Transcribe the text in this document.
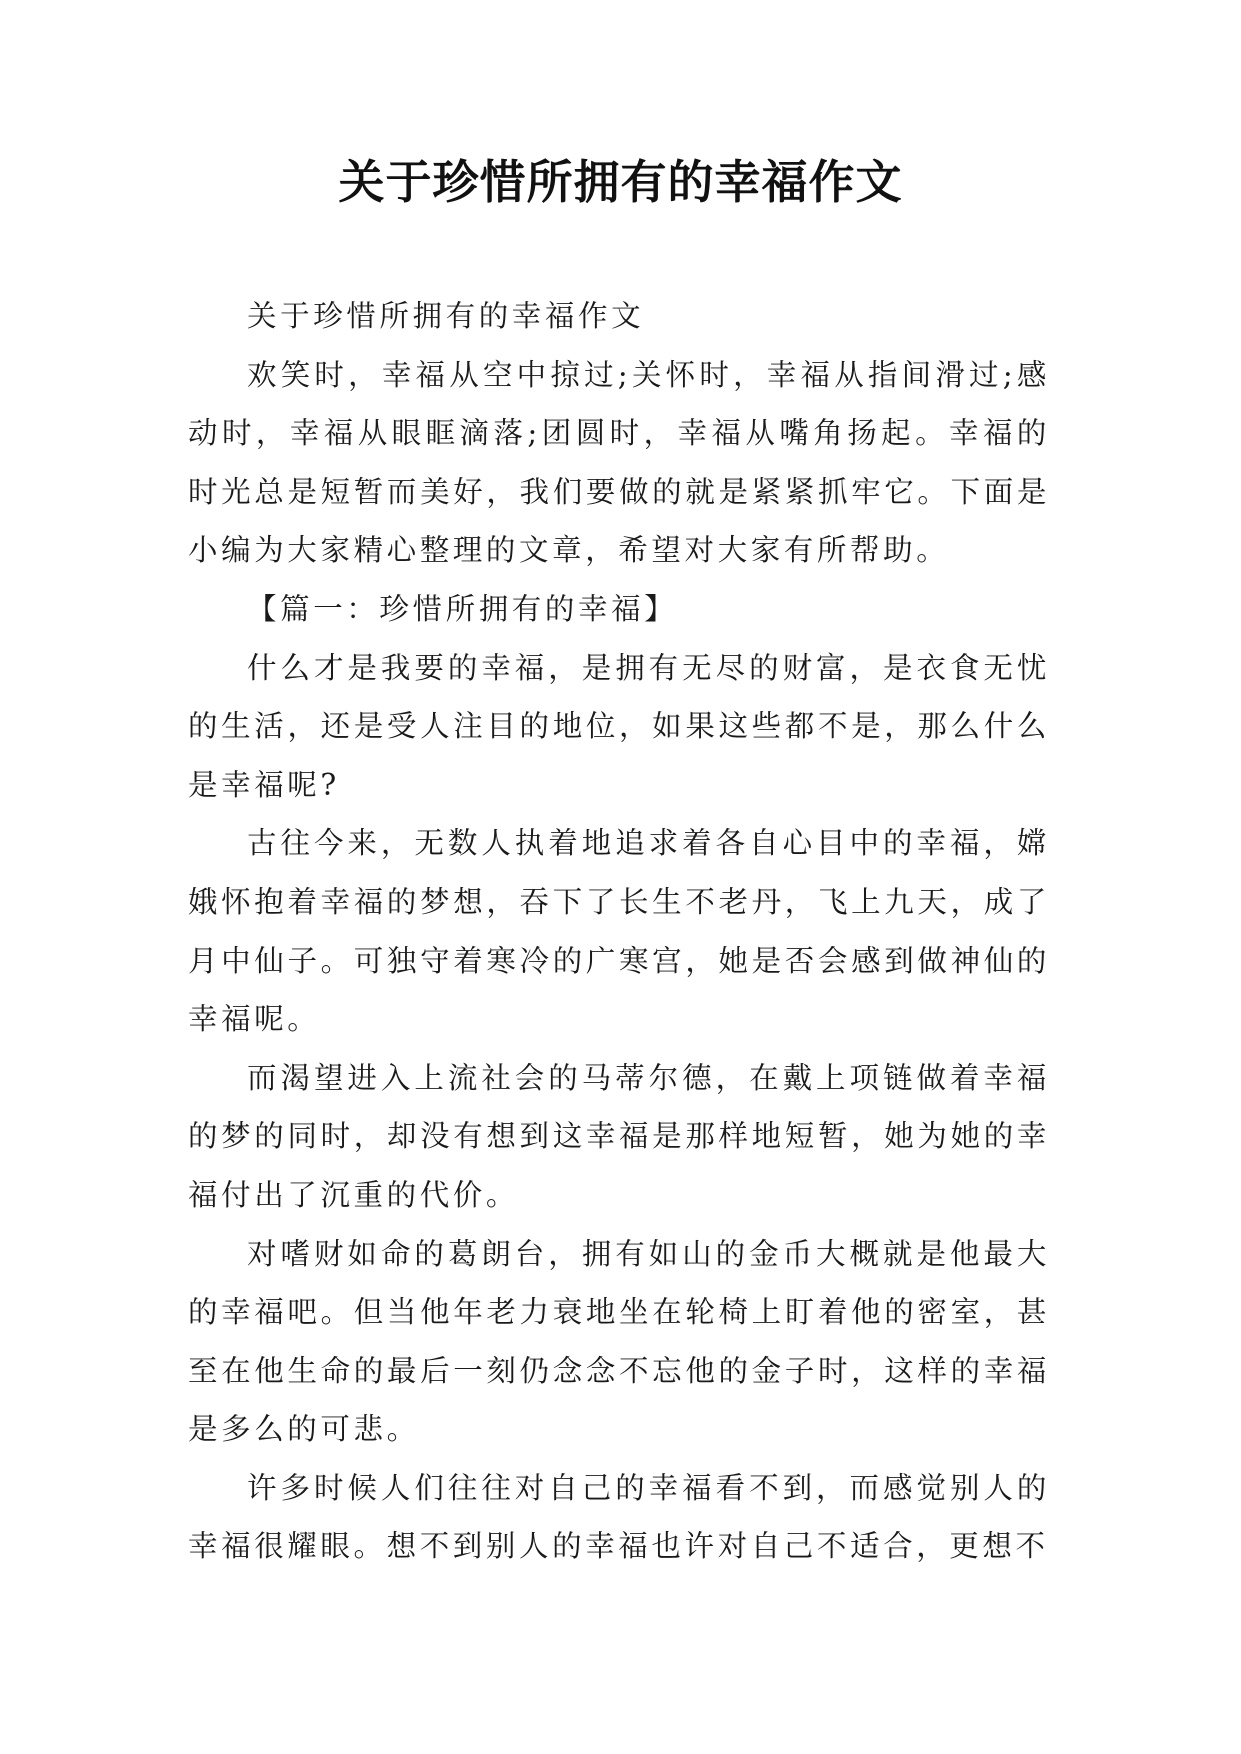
关于珍惜所拥有的幸福作文

关于珍惜所拥有的幸福作文

欢笑时，幸福从空中掠过;关怀时，幸福从指间滑过;感动时，幸福从眼眶滴落;团圆时，幸福从嘴角扬起。幸福的时光总是短暂而美好，我们要做的就是紧紧抓牢它。下面是小编为大家精心整理的文章，希望对大家有所帮助。

【篇一：珍惜所拥有的幸福】

什么才是我要的幸福，是拥有无尽的财富，是衣食无忧的生活，还是受人注目的地位，如果这些都不是，那么什么是幸福呢?

古往今来，无数人执着地追求着各自心目中的幸福，嫦娥怀抱着幸福的梦想，吞下了长生不老丹，飞上九天，成了月中仙子。可独守着寒冷的广寒宫，她是否会感到做神仙的幸福呢。

而渴望进入上流社会的马蒂尔德，在戴上项链做着幸福的梦的同时，却没有想到这幸福是那样地短暂，她为她的幸福付出了沉重的代价。

对嗜财如命的葛朗台，拥有如山的金币大概就是他最大的幸福吧。但当他年老力衰地坐在轮椅上盯着他的密室，甚至在他生命的最后一刻仍念念不忘他的金子时，这样的幸福是多么的可悲。

许多时候人们往往对自己的幸福看不到，而感觉别人的幸福很耀眼。想不到别人的幸福也许对自己不适合，更想不
